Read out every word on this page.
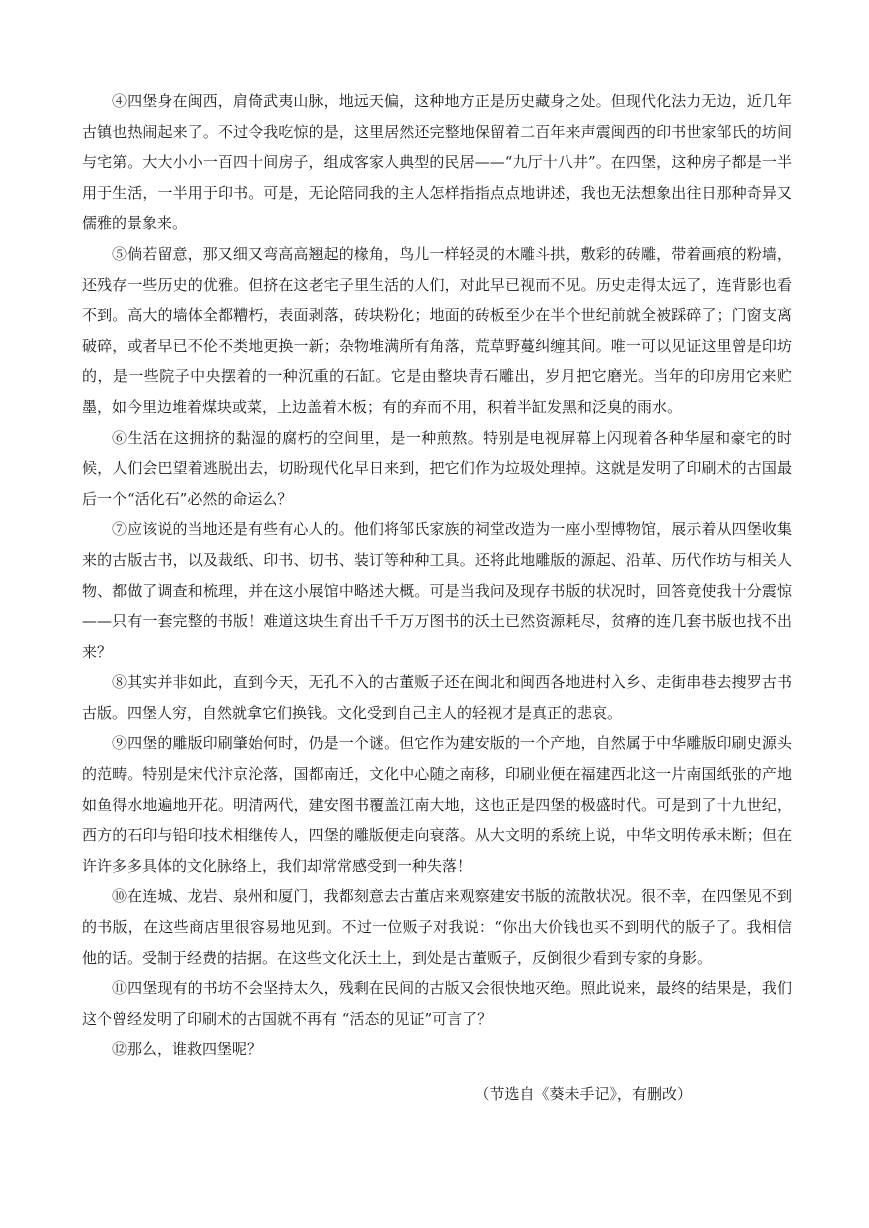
④四堡身在闽西，肩倚武夷山脉，地远天偏，这种地方正是历史藏身之处。但现代化法力无边，近几年古镇也热闹起来了。不过令我吃惊的是，这里居然还完整地保留着二百年来声震闽西的印书世家邹氏的坊间与宅第。大大小小一百四十间房子，组成客家人典型的民居——“九厅十八井”。在四堡，这种房子都是一半用于生活，一半用于印书。可是，无论陪同我的主人怎样指指点点地讲述，我也无法想象出往日那种奇异又儒雅的景象来。

⑤倘若留意，那又细又弯高高翘起的椽角，鸟儿一样轻灵的木雕斗拱，敷彩的砖雕，带着画痕的粉墙，还残存一些历史的优雅。但挤在这老宅子里生活的人们，对此早已视而不见。历史走得太远了，连背影也看不到。高大的墙体全都糟朽，表面剥落，砖块粉化；地面的砖板至少在半个世纪前就全被踩碎了；门窗支离破碎，或者早已不伦不类地更换一新；杂物堆满所有角落，荒草野蔓纠缠其间。唯一可以见证这里曾是印坊的，是一些院子中央摆着的一种沉重的石缸。它是由整块青石雕出，岁月把它磨光。当年的印房用它来贮墨，如今里边堆着煤块或菜，上边盖着木板；有的弃而不用，积着半缸发黑和泛臭的雨水。

⑥生活在这拥挤的黏湿的腐朽的空间里，是一种煎熬。特别是电视屏幕上闪现着各种华屋和豪宅的时候，人们会巴望着逃脱出去，切盼现代化早日来到，把它们作为垃圾处理掉。这就是发明了印刷术的古国最后一个“活化石”必然的命运么？

⑦应该说的当地还是有些有心人的。他们将邹氏家族的祠堂改造为一座小型博物馆，展示着从四堡收集来的古版古书，以及裁纸、印书、切书、装订等种种工具。还将此地雕版的源起、沿革、历代作坊与相关人物、都做了调查和梳理，并在这小展馆中略述大概。可是当我问及现存书版的状况时，回答竟使我十分震惊——只有一套完整的书版！难道这块生育出千千万万图书的沃土已然资源耗尽，贫瘠的连几套书版也找不出来？

⑧其实并非如此，直到今天，无孔不入的古董贩子还在闽北和闽西各地进村入乡、走街串巷去搜罗古书古版。四堡人穷，自然就拿它们换钱。文化受到自己主人的轻视才是真正的悲哀。

⑨四堡的雕版印刷肇始何时，仍是一个谜。但它作为建安版的一个产地，自然属于中华雕版印刷史源头的范畴。特别是宋代汴京沦落，国都南迁，文化中心随之南移，印刷业便在福建西北这一片南国纸张的产地如鱼得水地遍地开花。明清两代，建安图书覆盖江南大地，这也正是四堡的极盛时代。可是到了十九世纪，西方的石印与铅印技术相继传人，四堡的雕版便走向衰落。从大文明的系统上说，中华文明传承未断；但在许许多多具体的文化脉络上，我们却常常感受到一种失落！

⑩在连城、龙岩、泉州和厦门，我都刻意去古董店来观察建安书版的流散状况。很不幸，在四堡见不到的书版，在这些商店里很容易地见到。不过一位贩子对我说：“你出大价钱也买不到明代的版子了。我相信他的话。受制于经费的拮据。在这些文化沃土上，到处是古董贩子，反倒很少看到专家的身影。

⑪四堡现有的书坊不会坚持太久，残剩在民间的古版又会很快地灭绝。照此说来，最终的结果是，我们这个曾经发明了印刷术的古国就不再有 “活态的见证”可言了？

⑫那么，谁救四堡呢？

（节选自《葵未手记》，有删改）
